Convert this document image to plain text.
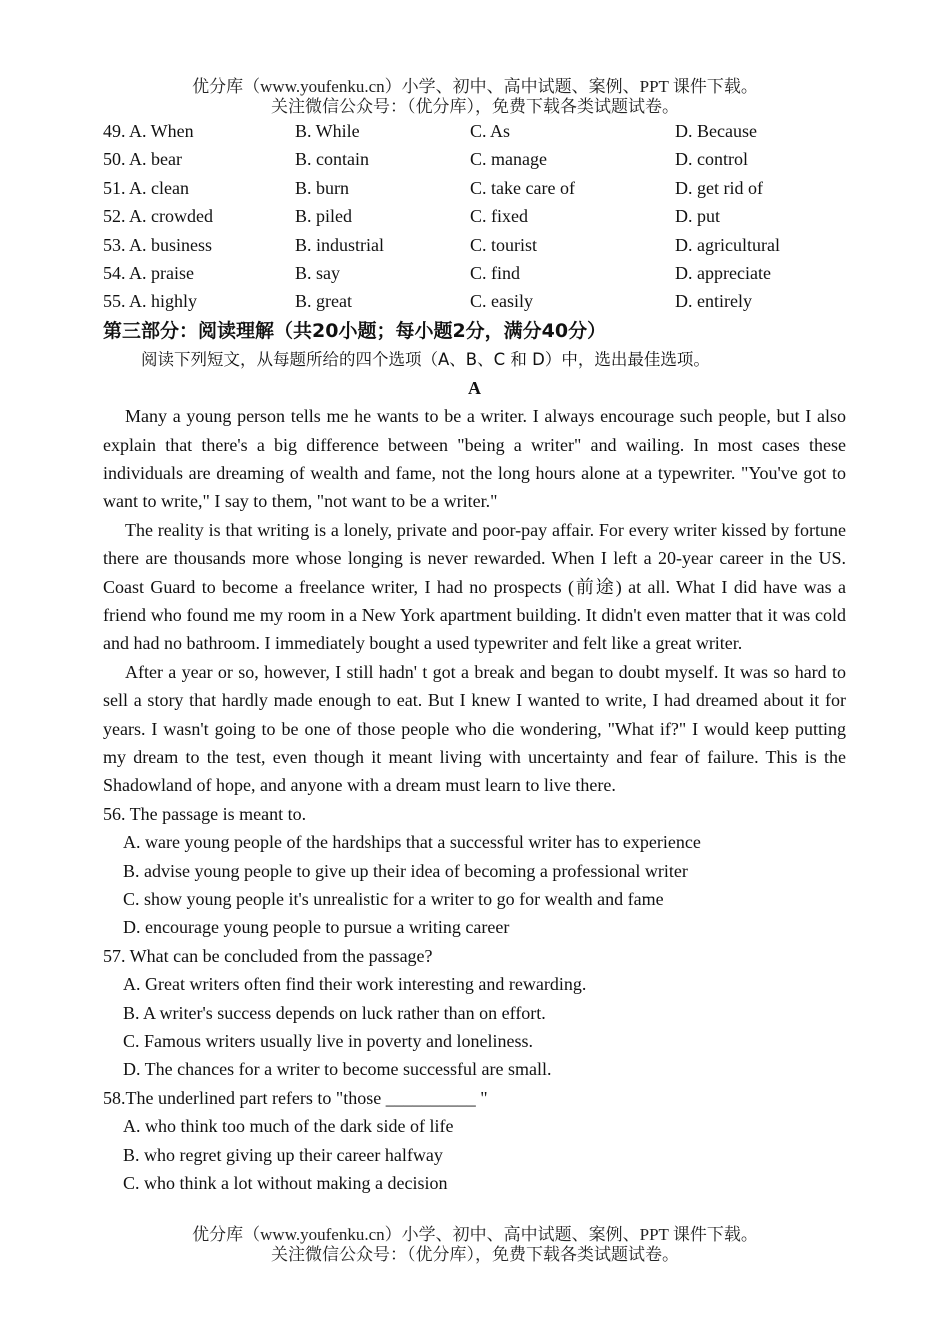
优分库（www.youfenku.cn）小学、初中、高中试题、案例、PPT 课件下载。
关注微信公众号：（优分库），免费下载各类试题试卷。
49. A. When	B. While	C. As	D. Because
50. A. bear	B. contain	C. manage	D. control
51. A. clean	B. burn	C. take care of	D. get rid of
52. A. crowded	B. piled	C. fixed	D. put
53. A. business	B. industrial	C. tourist	D. agricultural
54. A. praise	B. say	C. find	D. appreciate
55. A. highly	B. great	C. easily	D. entirely
第三部分：阅读理解（共20小题；每小题2分，满分40分）
阅读下列短文，从每题所给的四个选项（A、B、C 和 D）中，选出最佳选项。
A

Many a young person tells me he wants to be a writer. I always encourage such people, but I also explain that there's a big difference between "being a writer" and wailing. In most cases these individuals are dreaming of wealth and fame, not the long hours alone at a typewriter. "You've got to want to write," I say to them, "not want to be a writer."

The reality is that writing is a lonely, private and poor-pay affair. For every writer kissed by fortune there are thousands more whose longing is never rewarded. When I left a 20-year career in the US. Coast Guard to become a freelance writer, I had no prospects (前途) at all. What I did have was a friend who found me my room in a New York apartment building. It didn't even matter that it was cold and had no bathroom. I immediately bought a used typewriter and felt like a great writer.

After a year or so, however, I still hadn' t got a break and began to doubt myself. It was so hard to sell a story that hardly made enough to eat. But I knew I wanted to write, I had dreamed about it for years. I wasn't going to be one of those people who die wondering, "What if?" I would keep putting my dream to the test, even though it meant living with uncertainty and fear of failure. This is the Shadowland of hope, and anyone with a dream must learn to live there.

56. The passage is meant to.
A. ware young people of the hardships that a successful writer has to experience
B. advise young people to give up their idea of becoming a professional writer
C. show young people it's unrealistic for a writer to go for wealth and fame
D. encourage young people to pursue a writing career
57. What can be concluded from the passage?
A. Great writers often find their work interesting and rewarding.
B. A writer's success depends on luck rather than on effort.
C. Famous writers usually live in poverty and loneliness.
D. The chances for a writer to become successful are small.
58.The underlined part refers to "those __________ "
A. who think too much of the dark side of life
B. who regret giving up their career halfway
C. who think a lot without making a decision
优分库（www.youfenku.cn）小学、初中、高中试题、案例、PPT 课件下载。
关注微信公众号：（优分库），免费下载各类试题试卷。
